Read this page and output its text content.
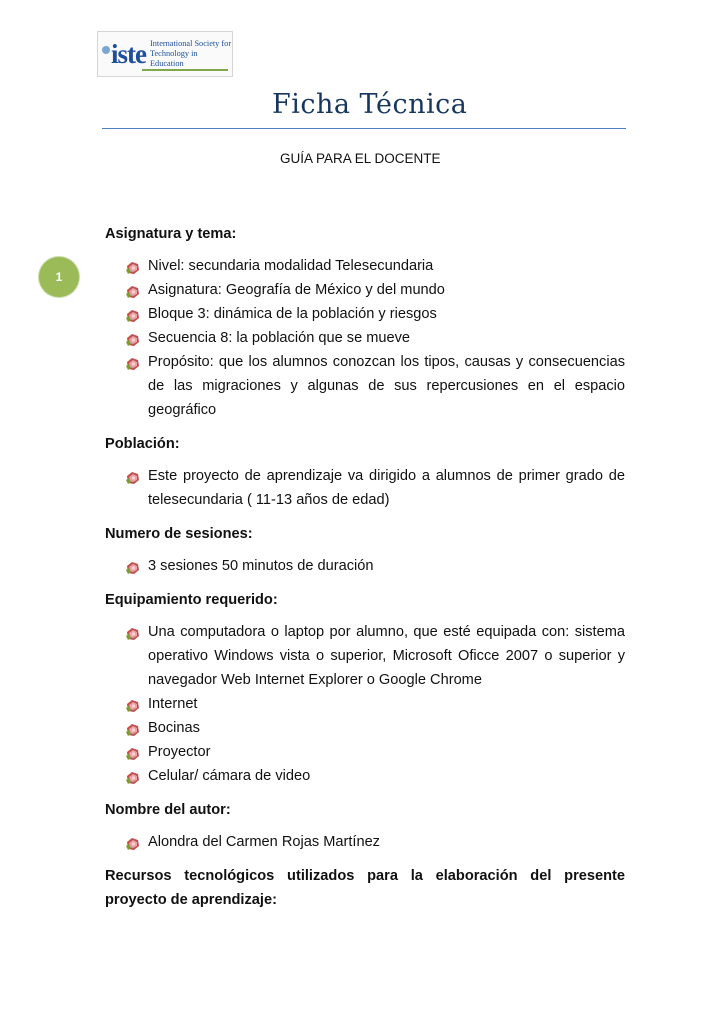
iste International Society for
Technology in Education
Ficha Técnica
GUÍA PARA EL DOCENTE
1

Asignatura y tema:

Nivel: secundaria modalidad Telesecundaria
Asignatura: Geografía de México y del mundo
Bloque 3: dinámica de la población y riesgos
Secuencia 8: la población que se mueve
Propósito: que los alumnos conozcan los tipos, causas y consecuencias de las migraciones y algunas de sus repercusiones en el espacio geográfico

Población:

Este proyecto de aprendizaje va dirigido a alumnos de primer grado de telesecundaria ( 11-13 años de edad)

Numero de sesiones:

3 sesiones 50 minutos de duración

Equipamiento requerido:

Una computadora o laptop por alumno, que esté equipada con: sistema operativo Windows vista o superior, Microsoft Oficce 2007 o superior y navegador Web Internet Explorer o Google Chrome
Internet
Bocinas
Proyector
Celular/ cámara de video

Nombre del autor:

Alondra del Carmen Rojas Martínez

Recursos tecnológicos utilizados para la elaboración del presente proyecto de aprendizaje:
